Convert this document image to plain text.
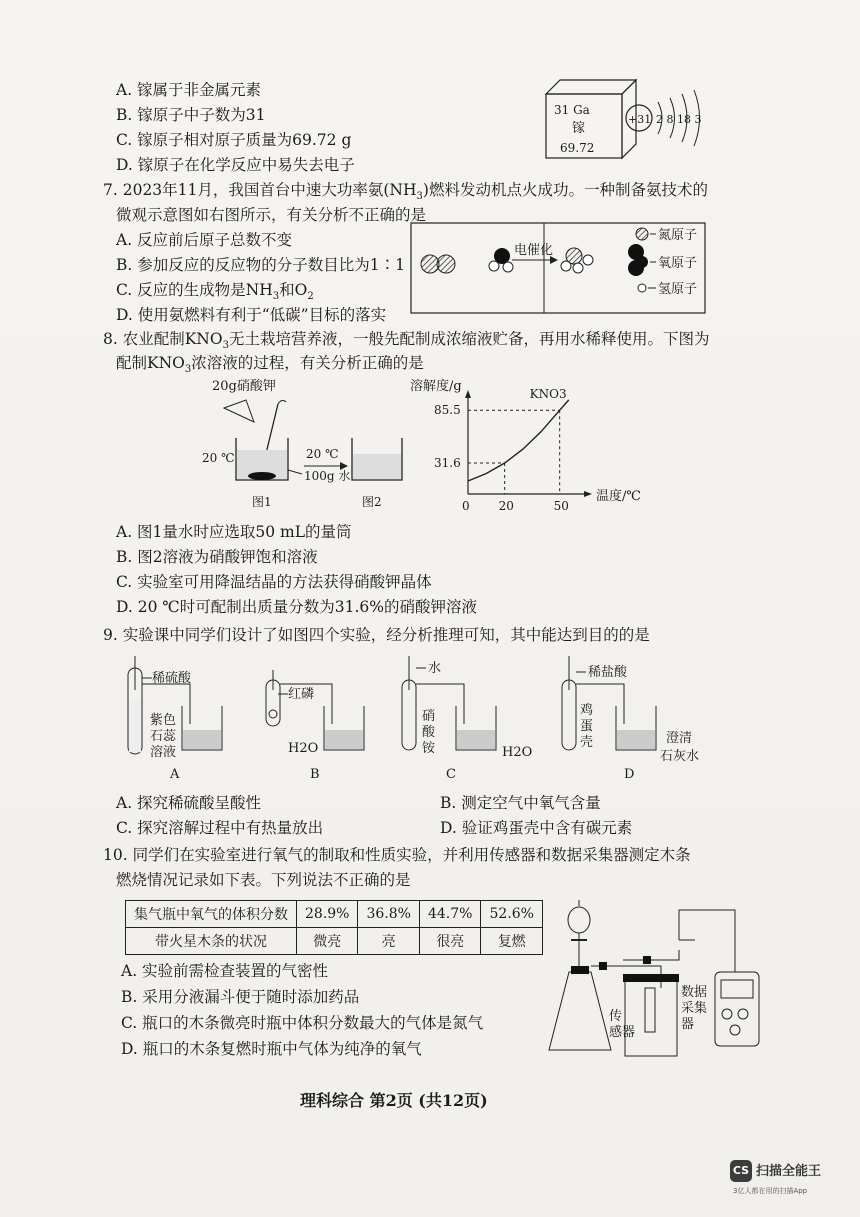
A. 镓属于非金属元素
B. 镓原子中子数为31
C. 镓原子相对原子质量为69.72 g
D. 镓原子在化学反应中易失去电子
31 Ga
镓
69.72
+31 2 8 18 3
7. 2023年11月，我国首台中速大功率氨$(NH_3)$燃料发动机点火成功。一种制备氨技术的
微观示意图如右图所示，有关分析不正确的是
A. 反应前后原子总数不变
B. 参加反应的反应物的分子数目比为1∶1
C. 反应的生成物是$NH_3$和$O_2$
D. 使用氨燃料有利于“低碳”目标的落实
电催化
氮原子
氧原子
氢原子
8. 农业配制$KNO_3$无土栽培营养液，一般先配制成浓缩液贮备，再用水稀释使用。下图为
配制$KNO_3$浓溶液的过程，有关分析正确的是
20g硝酸钾
20 ℃
100g 水
图1
20 ℃
图2
溶解度/g
31.6
85.5
0 20	50
KNO3
温度/℃
A. 图1量水时应选取50 mL的量筒
B. 图2溶液为硝酸钾饱和溶液
C. 实验室可用降温结晶的方法获得硝酸钾晶体
D. 20 ℃时可配制出质量分数为31.6%的硝酸钾溶液
9. 实验课中同学们设计了如图四个实验，经分析推理可知，其中能达到目的的是
稀硫酸
紫色
石蕊
溶液
A
红磷
H2O
B
水
硝
酸
铵	H2O
C
稀盐酸
鸡
蛋
壳	澄清
石灰水
D
A. 探究稀硫酸呈酸性	B. 测定空气中氧气含量
C. 探究溶解过程中有热量放出	D. 验证鸡蛋壳中含有碳元素
10. 同学们在实验室进行氧气的制取和性质实验，并利用传感器和数据采集器测定木条
燃烧情况记录如下表。下列说法不正确的是
集气瓶中氧气的体积分数	28.9%	36.8%	44.7%	52.6%
带火星木条的状况	微亮	亮	很亮	复燃
A. 实验前需检查装置的气密性
B. 采用分液漏斗便于随时添加药品
C. 瓶口的木条微亮时瓶中体积分数最大的气体是氮气
D. 瓶口的木条复燃时瓶中气体为纯净的氧气
传
感器
数据
采集
器
理科综合 第2页 (共12页)
CS 扫描全能王
3亿人都在用的扫描App
